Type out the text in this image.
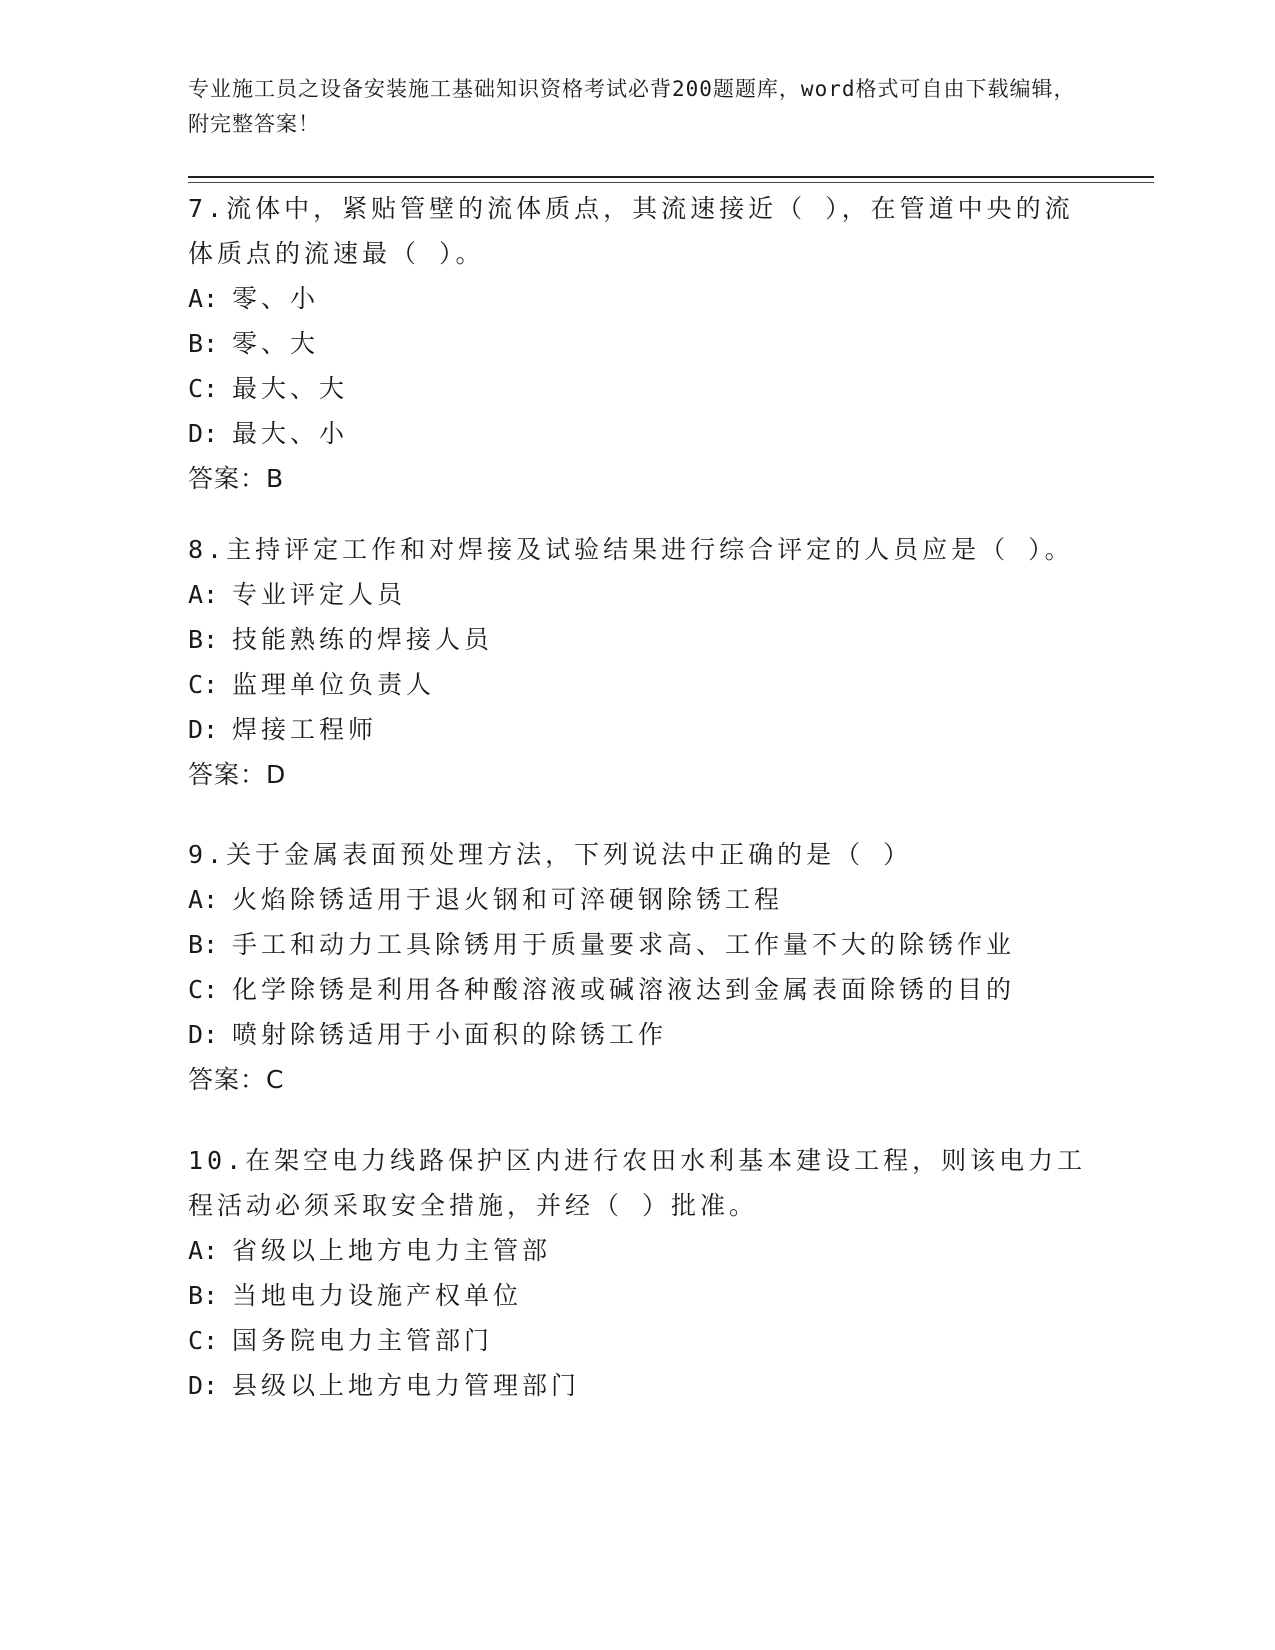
专业施工员之设备安装施工基础知识资格考试必背200题题库，word格式可自由下载编辑，附完整答案！
7.流体中，紧贴管壁的流体质点，其流速接近（ ），在管道中央的流体质点的流速最（ ）。
A: 零、小
B: 零、大
C: 最大、大
D: 最大、小
答案：B
8.主持评定工作和对焊接及试验结果进行综合评定的人员应是（ ）。
A: 专业评定人员
B: 技能熟练的焊接人员
C: 监理单位负责人
D: 焊接工程师
答案：D
9.关于金属表面预处理方法，下列说法中正确的是（ ）
A: 火焰除锈适用于退火钢和可淬硬钢除锈工程
B: 手工和动力工具除锈用于质量要求高、工作量不大的除锈作业
C: 化学除锈是利用各种酸溶液或碱溶液达到金属表面除锈的目的
D: 喷射除锈适用于小面积的除锈工作
答案：C
10.在架空电力线路保护区内进行农田水利基本建设工程，则该电力工程活动必须采取安全措施，并经（ ）批准。
A: 省级以上地方电力主管部
B: 当地电力设施产权单位
C: 国务院电力主管部门
D: 县级以上地方电力管理部门
